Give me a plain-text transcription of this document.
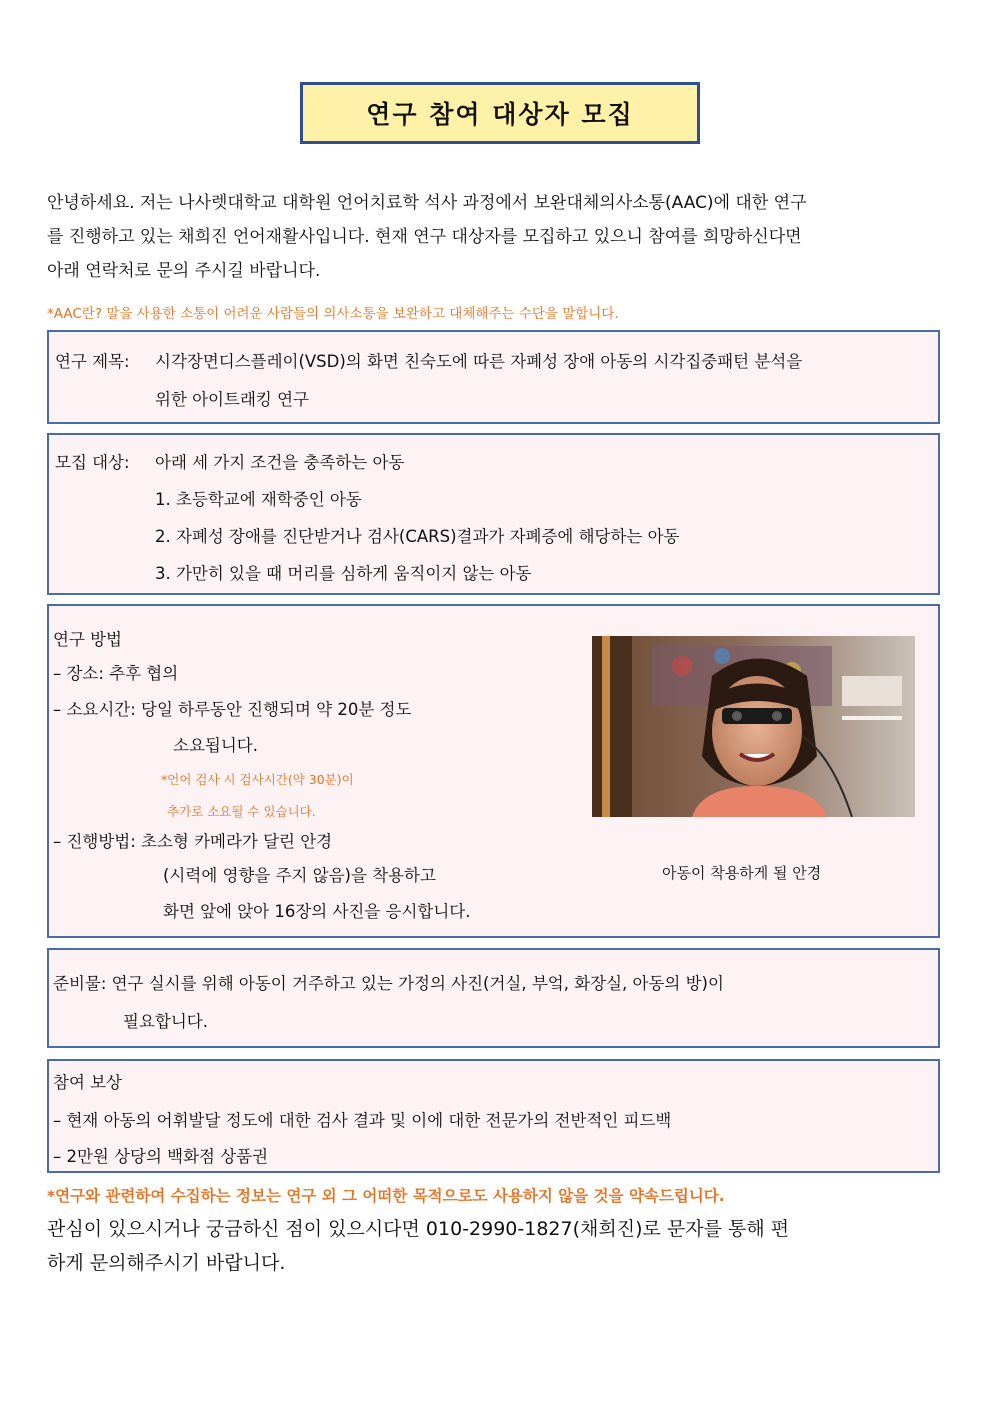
연구 참여 대상자 모집
안녕하세요. 저는 나사렛대학교 대학원 언어치료학 석사 과정에서 보완대체의사소통(AAC)에 대한 연구
를 진행하고 있는 채희진 언어재활사입니다. 현재 연구 대상자를 모집하고 있으니 참여를 희망하신다면
아래 연락처로 문의 주시길 바랍니다.
*AAC란? 말을 사용한 소통이 어려운 사람들의 의사소통을 보완하고 대체해주는 수단을 말합니다.
연구 제목: 시각장면디스플레이(VSD)의 화면 친숙도에 따른 자폐성 장애 아동의 시각집중패턴 분석을
위한 아이트래킹 연구
모집 대상: 아래 세 가지 조건을 충족하는 아동
1. 초등학교에 재학중인 아동
2. 자폐성 장애를 진단받거나 검사(CARS)결과가 자폐증에 해당하는 아동
3. 가만히 있을 때 머리를 심하게 움직이지 않는 아동
연구 방법
– 장소: 추후 협의
– 소요시간: 당일 하루동안 진행되며 약 20분 정도
소요됩니다.
*언어 검사 시 검사시간(약 30분)이
추가로 소요될 수 있습니다.
– 진행방법: 초소형 카메라가 달린 안경
(시력에 영향을 주지 않음)을 착용하고
화면 앞에 앉아 16장의 사진을 응시합니다.
아동이 착용하게 될 안경
준비물: 연구 실시를 위해 아동이 거주하고 있는 가정의 사진(거실, 부엌, 화장실, 아동의 방)이
필요합니다.
참여 보상
– 현재 아동의 어휘발달 정도에 대한 검사 결과 및 이에 대한 전문가의 전반적인 피드백
– 2만원 상당의 백화점 상품권
*연구와 관련하여 수집하는 정보는 연구 외 그 어떠한 목적으로도 사용하지 않을 것을 약속드립니다.
관심이 있으시거나 궁금하신 점이 있으시다면 010-2990-1827(채희진)로 문자를 통해 편
하게 문의해주시기 바랍니다.
